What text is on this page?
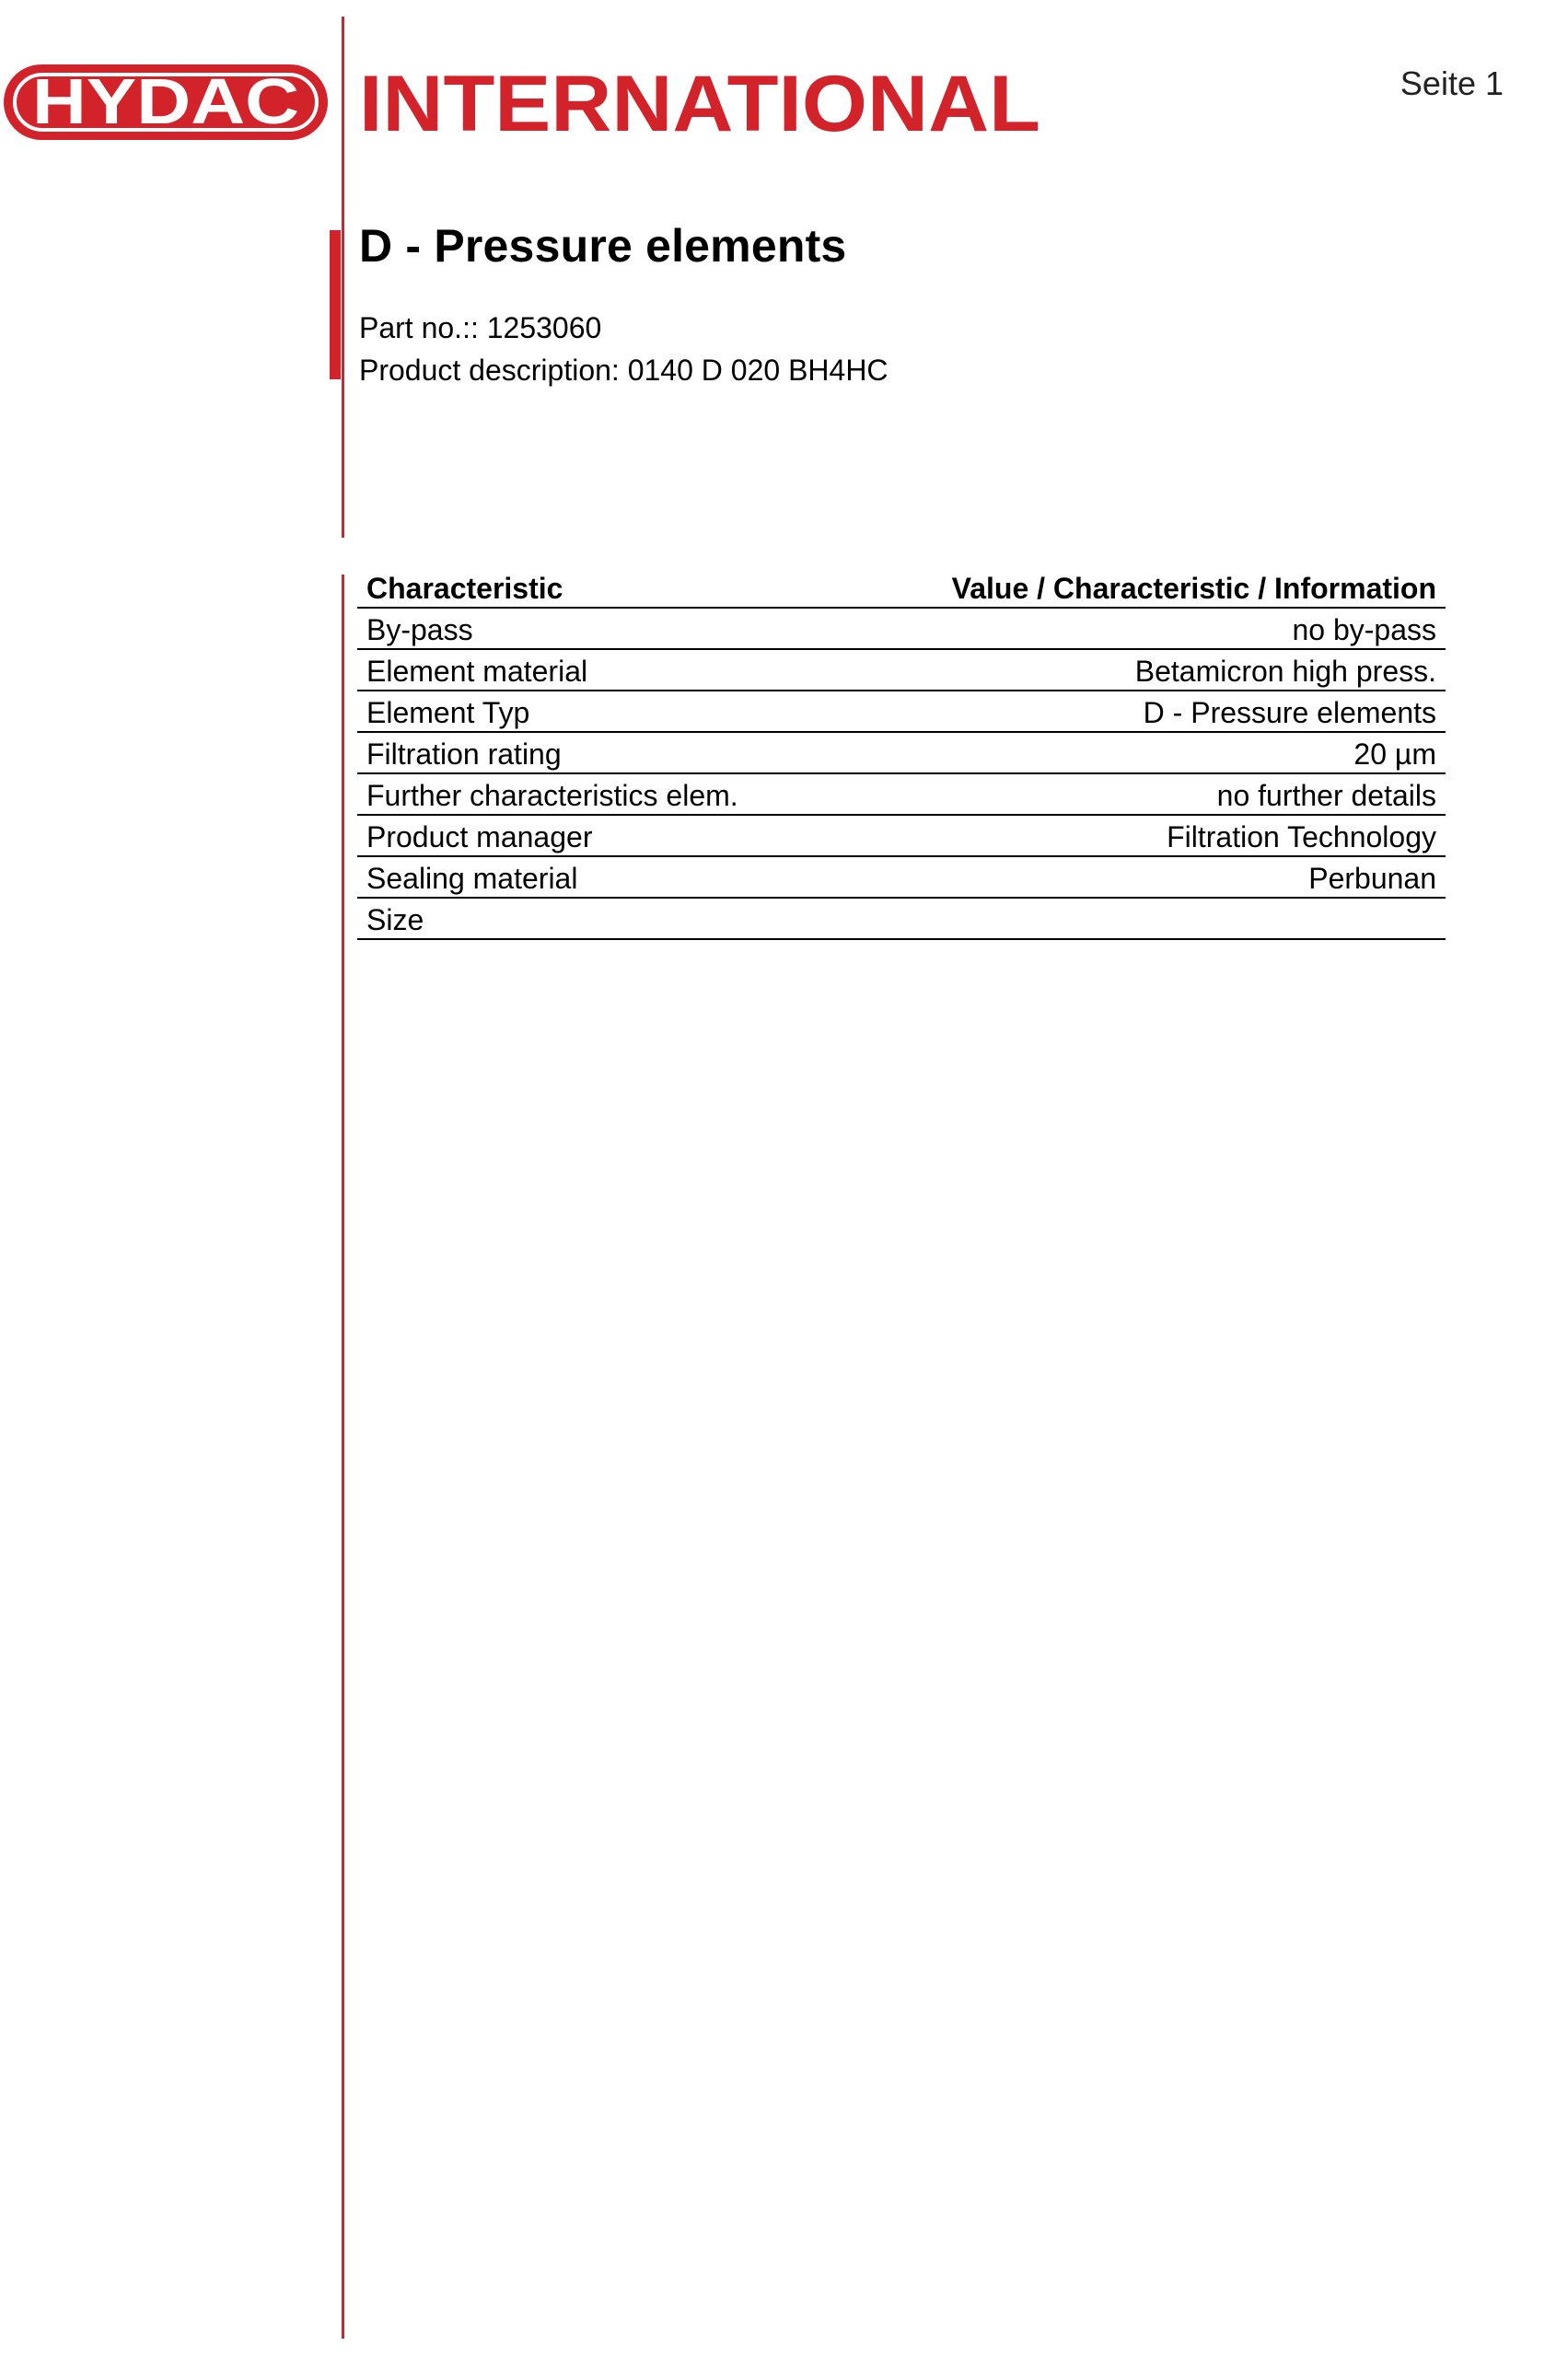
HYDAC INTERNATIONAL	Seite 1
D - Pressure elements
Part no.:: 1253060
Product description: 0140 D 020 BH4HC
Characteristic	Value / Characteristic / Information
By-pass	no by-pass
Element material	Betamicron high press.
Element Typ	D - Pressure elements
Filtration rating	20 µm
Further characteristics elem.	no further details
Product manager	Filtration Technology
Sealing material	Perbunan
Size	
